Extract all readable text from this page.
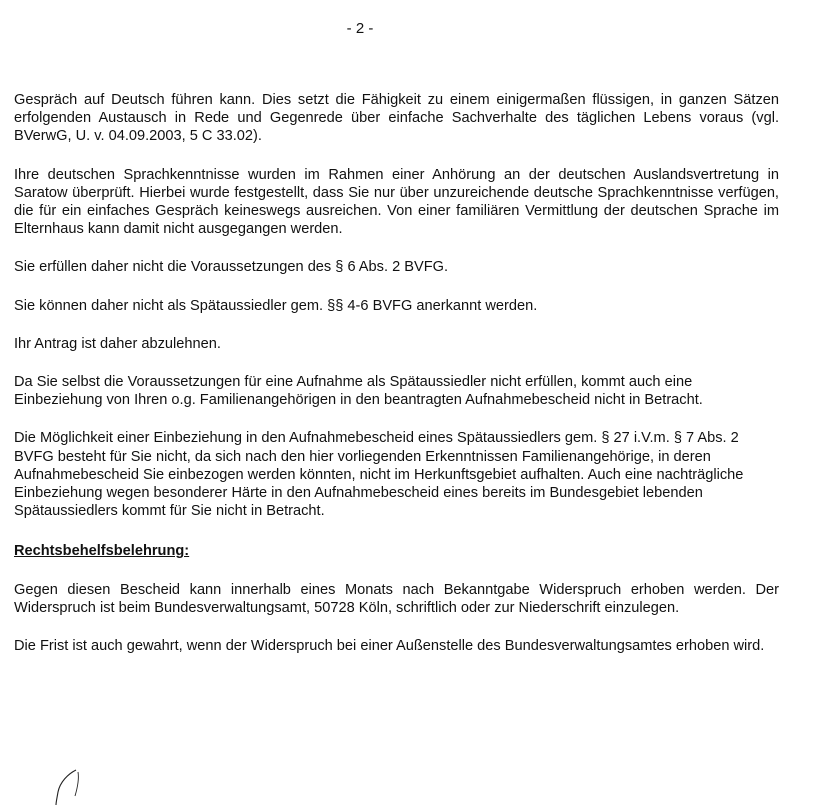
- 2 -

Gespräch auf Deutsch führen kann. Dies setzt die Fähigkeit zu einem einigermaßen flüssigen, in ganzen Sätzen erfolgenden Austausch in Rede und Gegenrede über einfache Sachverhalte des täglichen Lebens voraus (vgl. BVerwG, U. v. 04.09.2003, 5 C 33.02).

Ihre deutschen Sprachkenntnisse wurden im Rahmen einer Anhörung an der deutschen Auslandsvertretung in Saratow überprüft. Hierbei wurde festgestellt, dass Sie nur über unzureichende deutsche Sprachkenntnisse verfügen, die für ein einfaches Gespräch keineswegs ausreichen. Von einer familiären Vermittlung der deutschen Sprache im Elternhaus kann damit nicht ausgegangen werden.

Sie erfüllen daher nicht die Voraussetzungen des § 6 Abs. 2 BVFG.

Sie können daher nicht als Spätaussiedler gem. §§ 4-6 BVFG anerkannt werden.

Ihr Antrag ist daher abzulehnen.

Da Sie selbst die Voraussetzungen für eine Aufnahme als Spätaussiedler nicht erfüllen, kommt auch eine Einbeziehung von Ihren o.g. Familienangehörigen in den beantragten Aufnahmebescheid nicht in Betracht.

Die Möglichkeit einer Einbeziehung in den Aufnahmebescheid eines Spätaussiedlers gem. § 27 i.V.m. § 7 Abs. 2 BVFG besteht für Sie nicht, da sich nach den hier vorliegenden Erkenntnissen Familienangehörige, in deren Aufnahmebescheid Sie einbezogen werden könnten, nicht im Herkunftsgebiet aufhalten. Auch eine nachträgliche Einbeziehung wegen besonderer Härte in den Aufnahmebescheid eines bereits im Bundesgebiet lebenden Spätaussiedlers kommt für Sie nicht in Betracht.

Rechtsbehelfsbelehrung:

Gegen diesen Bescheid kann innerhalb eines Monats nach Bekanntgabe Widerspruch erhoben werden. Der Widerspruch ist beim Bundesverwaltungsamt, 50728 Köln, schriftlich oder zur Niederschrift einzulegen.

Die Frist ist auch gewahrt, wenn der Widerspruch bei einer Außenstelle des Bundesverwaltungsamtes erhoben wird.
